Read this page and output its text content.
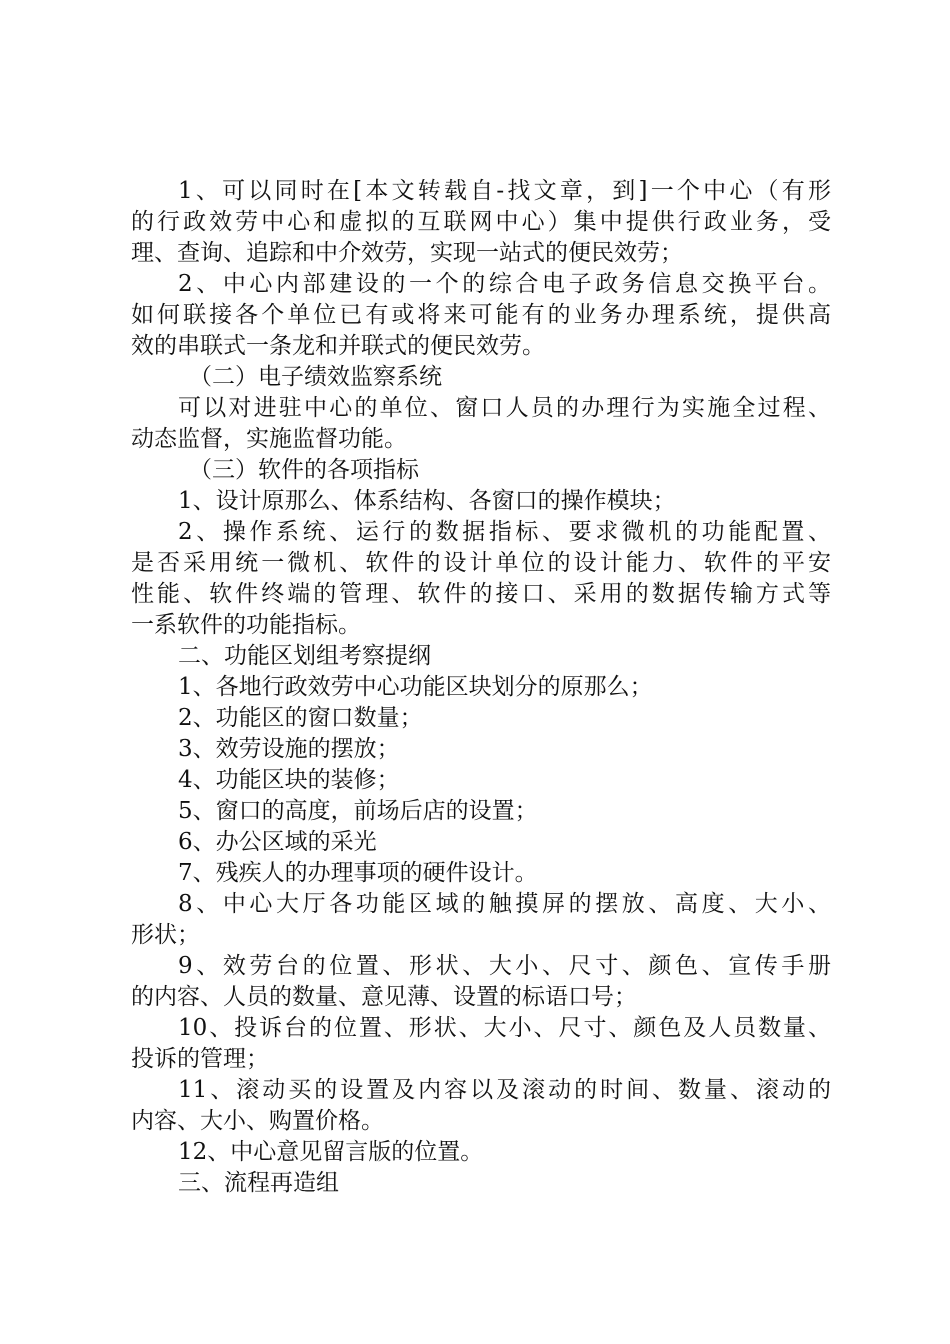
1、可以同时在[本文转载自-找文章，到]一个中心（有形
的行政效劳中心和虚拟的互联网中心）集中提供行政业务，受
理、查询、追踪和中介效劳，实现一站式的便民效劳；
2、中心内部建设的一个的综合电子政务信息交换平台。
如何联接各个单位已有或将来可能有的业务办理系统，提供高
效的串联式一条龙和并联式的便民效劳。
（二）电子绩效监察系统
可以对进驻中心的单位、窗口人员的办理行为实施全过程、
动态监督，实施监督功能。
（三）软件的各项指标
1、设计原那么、体系结构、各窗口的操作模块；
2、操作系统、运行的数据指标、要求微机的功能配置、
是否采用统一微机、软件的设计单位的设计能力、软件的平安
性能、软件终端的管理、软件的接口、采用的数据传输方式等
一系软件的功能指标。
二、功能区划组考察提纲
1、各地行政效劳中心功能区块划分的原那么；
2、功能区的窗口数量；
3、效劳设施的摆放；
4、功能区块的装修；
5、窗口的高度，前场后店的设置；
6、办公区域的采光
7、残疾人的办理事项的硬件设计。
8、中心大厅各功能区域的触摸屏的摆放、高度、大小、
形状；
9、效劳台的位置、形状、大小、尺寸、颜色、宣传手册
的内容、人员的数量、意见薄、设置的标语口号；
10、投诉台的位置、形状、大小、尺寸、颜色及人员数量、
投诉的管理；
11、滚动买的设置及内容以及滚动的时间、数量、滚动的
内容、大小、购置价格。
12、中心意见留言版的位置。
三、流程再造组
